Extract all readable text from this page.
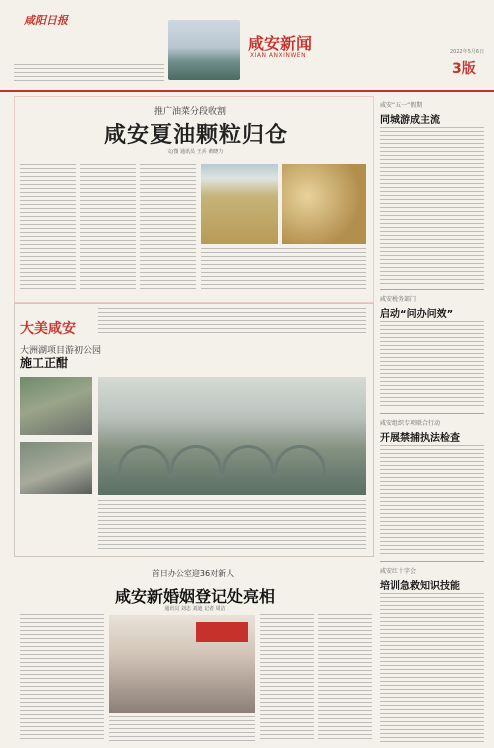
咸阳日报
咸安新闻
XIAN ANXINWEN	2022年5月6日
3版
推广油菜分段收割
咸安夏油颗粒归仓
文/图 通讯员 王兵 黄晓力
大美咸安
大洲湖项目游初公园
施工正酣
首日办公室迎36对新人
咸安新婚姻登记处亮相
通讯员 刘志 刘迪 记者 周洁
咸安“五一”假期
同城游成主流
咸安税务部门
启动“问办问效”
咸安组织专项联合行动
开展禁捕执法检查
咸安红十字会
培训急救知识技能
